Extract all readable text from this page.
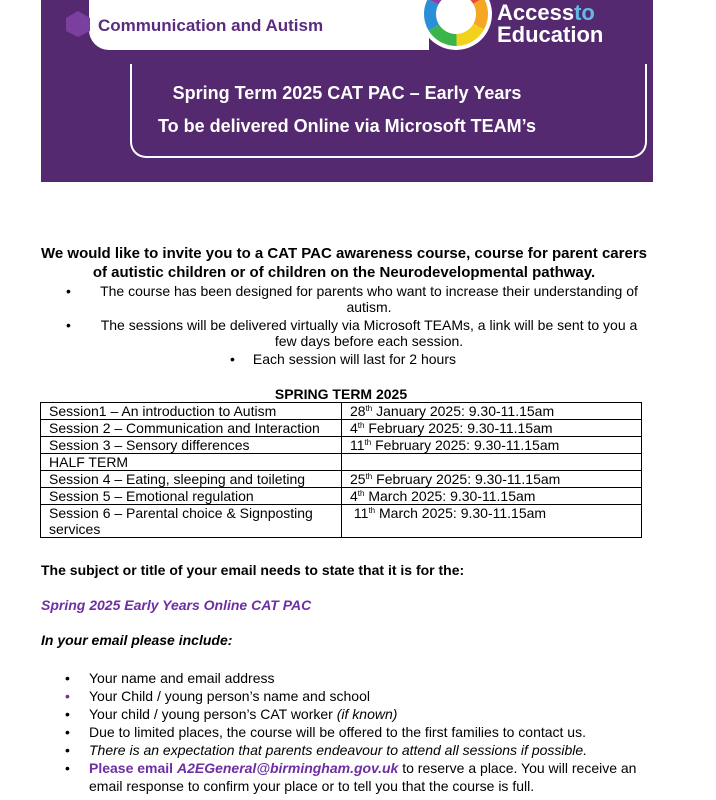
Communication and Autism
Accessto
Education
Spring Term 2025 CAT PAC – Early Years
To be delivered Online via Microsoft TEAM’s
We would like to invite you to a CAT PAC awareness course, course for parent carers of autistic children or of children on the Neurodevelopmental pathway.
• The course has been designed for parents who want to increase their understanding of autism.
• The sessions will be delivered virtually via Microsoft TEAMs, a link will be sent to you a few days before each session.
• Each session will last for 2 hours
SPRING TERM 2025
Session1 – An introduction to Autism	28th January 2025: 9.30-11.15am
Session 2 – Communication and Interaction	4th February 2025: 9.30-11.15am
Session 3 – Sensory differences	11th February 2025: 9.30-11.15am
HALF TERM	
Session 4 – Eating, sleeping and toileting	25th February 2025: 9.30-11.15am
Session 5 – Emotional regulation	4th March 2025: 9.30-11.15am
Session 6 – Parental choice & Signposting services	11th March 2025: 9.30-11.15am
The subject or title of your email needs to state that it is for the:
Spring 2025 Early Years Online CAT PAC
In your email please include:
• Your name and email address
• Your Child / young person’s name and school
• Your child / young person’s CAT worker (if known)
• Due to limited places, the course will be offered to the first families to contact us.
• There is an expectation that parents endeavour to attend all sessions if possible.
• Please email A2EGeneral@birmingham.gov.uk to reserve a place. You will receive an email response to confirm your place or to tell you that the course is full.
